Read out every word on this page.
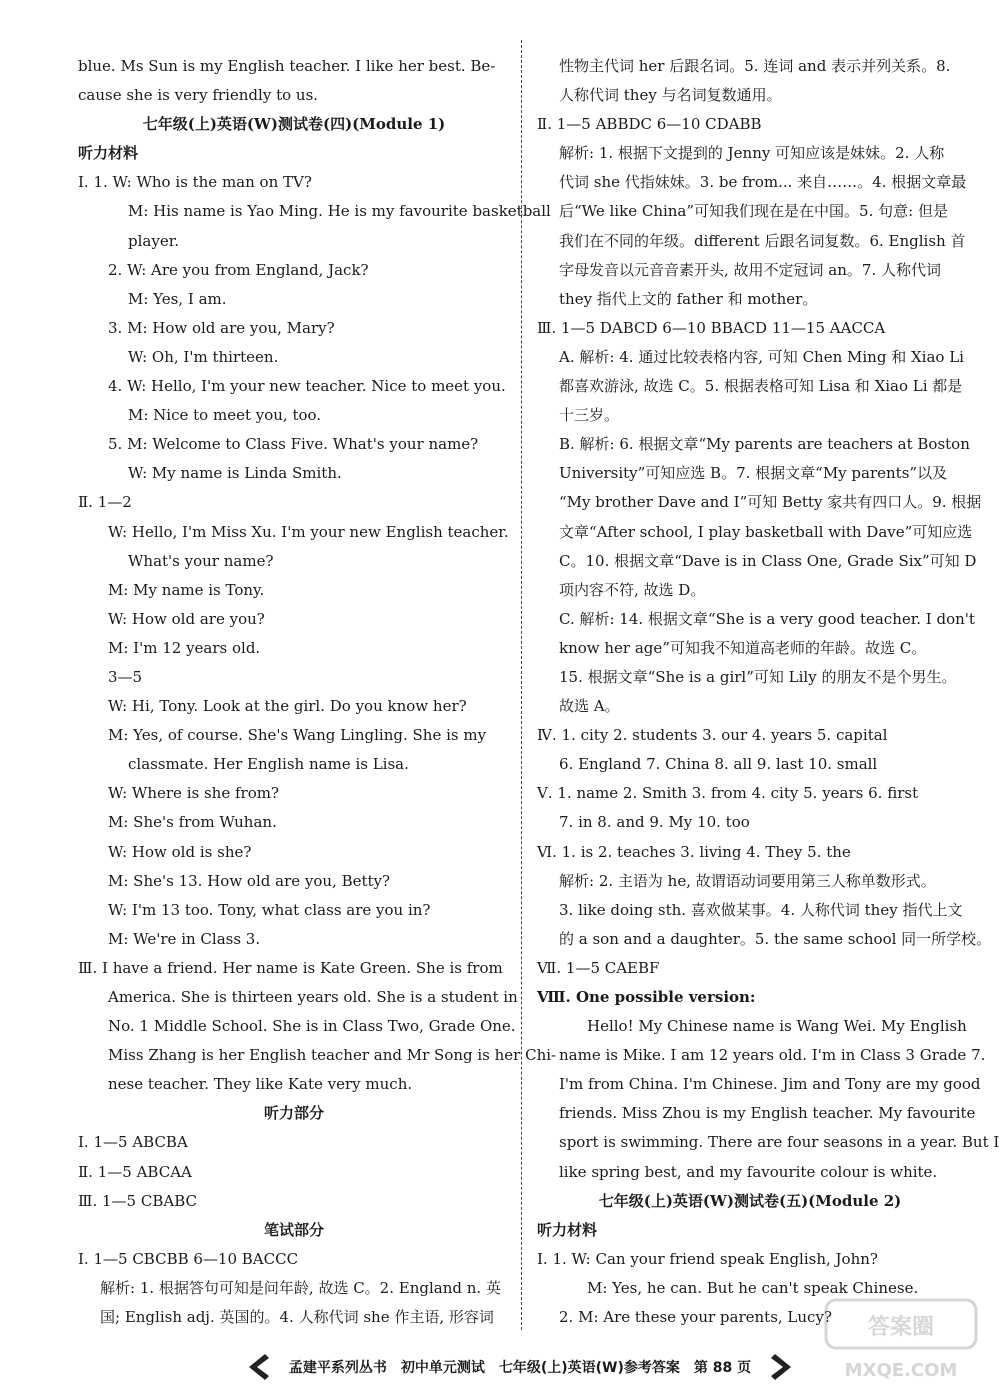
blue. Ms Sun is my English teacher. I like her best. Be-
cause she is very friendly to us.
七年级(上)英语(W)测试卷(四)(Module 1)
听力材料
Ⅰ. 1. W: Who is the man on TV?
M: His name is Yao Ming. He is my favourite basketball
player.
2. W: Are you from England, Jack?
M: Yes, I am.
3. M: How old are you, Mary?
W: Oh, I'm thirteen.
4. W: Hello, I'm your new teacher. Nice to meet you.
M: Nice to meet you, too.
5. M: Welcome to Class Five. What's your name?
W: My name is Linda Smith.
Ⅱ. 1—2
W: Hello, I'm Miss Xu. I'm your new English teacher.
What's your name?
M: My name is Tony.
W: How old are you?
M: I'm 12 years old.
3—5
W: Hi, Tony. Look at the girl. Do you know her?
M: Yes, of course. She's Wang Lingling. She is my
classmate. Her English name is Lisa.
W: Where is she from?
M: She's from Wuhan.
W: How old is she?
M: She's 13. How old are you, Betty?
W: I'm 13 too. Tony, what class are you in?
M: We're in Class 3.
Ⅲ. I have a friend. Her name is Kate Green. She is from
America. She is thirteen years old. She is a student in
No. 1 Middle School. She is in Class Two, Grade One.
Miss Zhang is her English teacher and Mr Song is her Chi-
nese teacher. They like Kate very much.
听力部分
Ⅰ. 1—5 ABCBA
Ⅱ. 1—5 ABCAA
Ⅲ. 1—5 CBABC
笔试部分
Ⅰ. 1—5 CBCBB 6—10 BACCC
解析: 1. 根据答句可知是问年龄, 故选 C。2. England n. 英
国; English adj. 英国的。4. 人称代词 she 作主语, 形容词
性物主代词 her 后跟名词。5. 连词 and 表示并列关系。8.
人称代词 they 与名词复数通用。
Ⅱ. 1—5 ABBDC 6—10 CDABB
解析: 1. 根据下文提到的 Jenny 可知应该是妹妹。2. 人称
代词 she 代指妹妹。3. be from... 来自……。4. 根据文章最
后“We like China”可知我们现在是在中国。5. 句意: 但是
我们在不同的年级。different 后跟名词复数。6. English 首
字母发音以元音音素开头, 故用不定冠词 an。7. 人称代词
they 指代上文的 father 和 mother。
Ⅲ. 1—5 DABCD 6—10 BBACD 11—15 AACCA
A. 解析: 4. 通过比较表格内容, 可知 Chen Ming 和 Xiao Li
都喜欢游泳, 故选 C。5. 根据表格可知 Lisa 和 Xiao Li 都是
十三岁。
B. 解析: 6. 根据文章“My parents are teachers at Boston
University”可知应选 B。7. 根据文章“My parents”以及
“My brother Dave and I”可知 Betty 家共有四口人。9. 根据
文章“After school, I play basketball with Dave”可知应选
C。10. 根据文章“Dave is in Class One, Grade Six”可知 D
项内容不符, 故选 D。
C. 解析: 14. 根据文章“She is a very good teacher. I don't
know her age”可知我不知道高老师的年龄。故选 C。
15. 根据文章“She is a girl”可知 Lily 的朋友不是个男生。
故选 A。
Ⅳ. 1. city 2. students 3. our 4. years 5. capital
6. England 7. China 8. all 9. last 10. small
Ⅴ. 1. name 2. Smith 3. from 4. city 5. years 6. first
7. in 8. and 9. My 10. too
Ⅵ. 1. is 2. teaches 3. living 4. They 5. the
解析: 2. 主语为 he, 故谓语动词要用第三人称单数形式。
3. like doing sth. 喜欢做某事。4. 人称代词 they 指代上文
的 a son and a daughter。5. the same school 同一所学校。
Ⅶ. 1—5 CAEBF
Ⅷ. One possible version:
Hello! My Chinese name is Wang Wei. My English
name is Mike. I am 12 years old. I'm in Class 3 Grade 7.
I'm from China. I'm Chinese. Jim and Tony are my good
friends. Miss Zhou is my English teacher. My favourite
sport is swimming. There are four seasons in a year. But I
like spring best, and my favourite colour is white.
七年级(上)英语(W)测试卷(五)(Module 2)
听力材料
Ⅰ. 1. W: Can your friend speak English, John?
M: Yes, he can. But he can't speak Chinese.
2. M: Are these your parents, Lucy?
孟建平系列丛书 初中单元测试 七年级(上)英语(W)参考答案 第 88 页
答案圈
MXQE.COM
